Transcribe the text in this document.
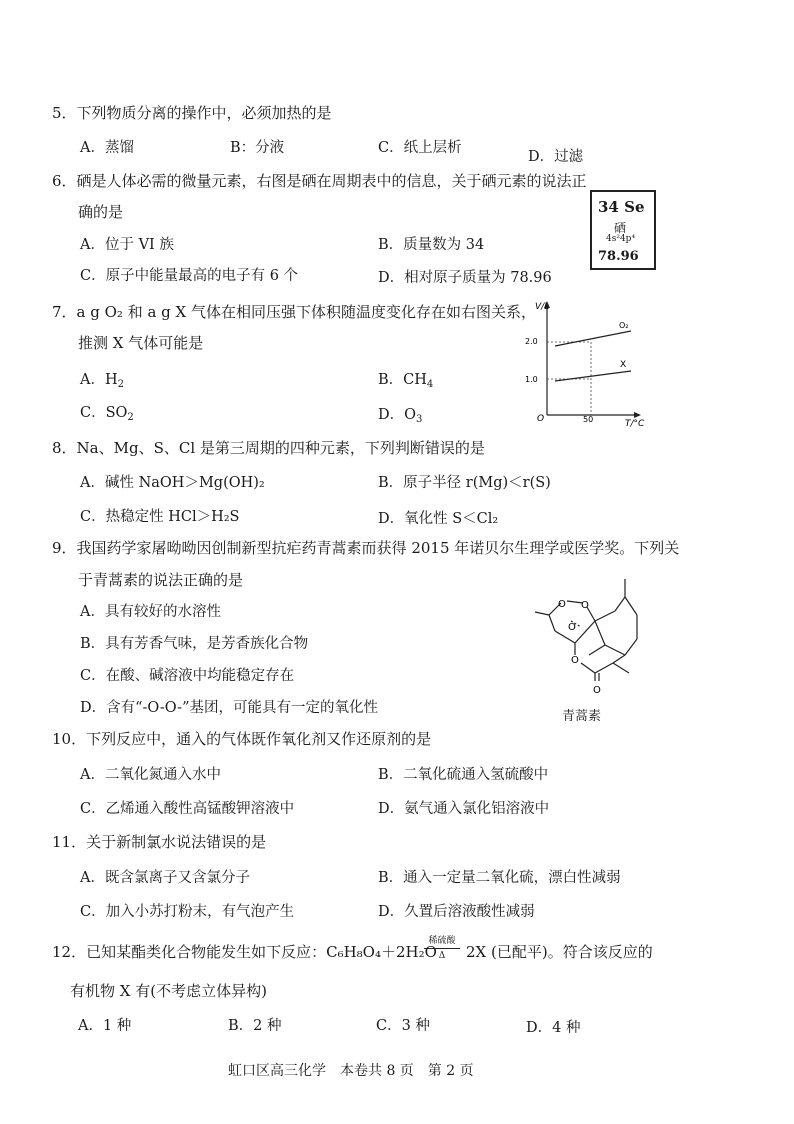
5．下列物质分离的操作中，必须加热的是
A．蒸馏	B：分液	C．纸上层析
D．过滤
6．硒是人体必需的微量元素，右图是硒在周期表中的信息，关于硒元素的说法正
确的是
A．位于 VI 族	B．质量数为 34
C．原子中能量最高的电子有 6 个	D．相对原子质量为 78.96
34 Se
硒
4s²4p⁴
78.96
7．a g O₂ 和 a g X 气体在相同压强下体积随温度变化存在如右图关系，
推测 X 气体可能是
A．$H_2$	B．$CH_4$
C．$SO_2$	D．$O_3$
V/L
T/°C
O
2.0
1.0
50
O₂
X
8．Na、Mg、S、Cl 是第三周期的四种元素，下列判断错误的是
A．碱性 NaOH＞Mg(OH)₂	B．原子半径 r(Mg)＜r(S)
C．热稳定性 HCl＞H₂S	D．氧化性 S＜Cl₂
9．我国药学家屠呦呦因创制新型抗疟药青蒿素而获得 2015 年诺贝尔生理学或医学奖。下列关
于青蒿素的说法正确的是
A．具有较好的水溶性
B．具有芳香气味，是芳香族化合物
C．在酸、碱溶液中均能稳定存在
D．含有“-O-O-”基团，可能具有一定的氧化性
O O
O
O
O
青蒿素
10．下列反应中，通入的气体既作氧化剂又作还原剂的是
A．二氧化氮通入水中	B．二氧化硫通入氢硫酸中
C．乙烯通入酸性高锰酸钾溶液中	D．氨气通入氯化铝溶液中
11．关于新制氯水说法错误的是
A．既含氯离子又含氯分子	B．通入一定量二氧化硫，漂白性减弱
C．加入小苏打粉末，有气泡产生	D．久置后溶液酸性减弱
12．已知某酯类化合物能发生如下反应：C₆H₈O₄＋2H₂O
稀硫酸
Δ	2X (已配平)。符合该反应的
有机物 X 有(不考虑立体异构)
A．1 种	B．2 种	C．3 种	D．4 种
虹口区高三化学　本卷共 8 页　第 2 页
